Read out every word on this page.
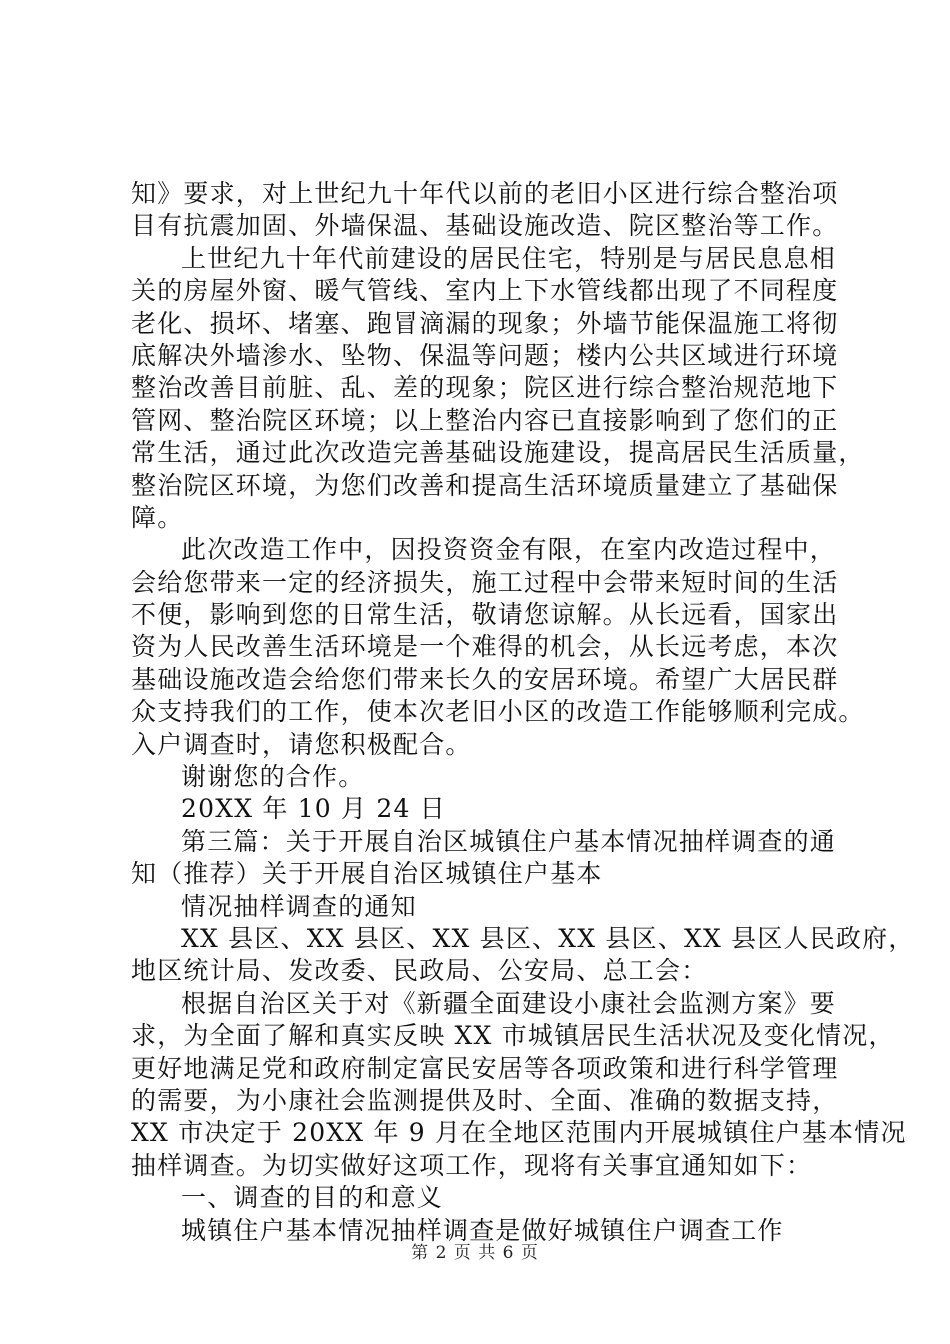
知》要求，对上世纪九十年代以前的老旧小区进行综合整治项
目有抗震加固、外墙保温、基础设施改造、院区整治等工作。
上世纪九十年代前建设的居民住宅，特别是与居民息息相
关的房屋外窗、暖气管线、室内上下水管线都出现了不同程度
老化、损坏、堵塞、跑冒滴漏的现象；外墙节能保温施工将彻
底解决外墙渗水、坠物、保温等问题；楼内公共区域进行环境
整治改善目前脏、乱、差的现象；院区进行综合整治规范地下
管网、整治院区环境；以上整治内容已直接影响到了您们的正
常生活，通过此次改造完善基础设施建设，提高居民生活质量，
整治院区环境，为您们改善和提高生活环境质量建立了基础保
障。
此次改造工作中，因投资资金有限，在室内改造过程中，
会给您带来一定的经济损失，施工过程中会带来短时间的生活
不便，影响到您的日常生活，敬请您谅解。从长远看，国家出
资为人民改善生活环境是一个难得的机会，从长远考虑，本次
基础设施改造会给您们带来长久的安居环境。希望广大居民群
众支持我们的工作，使本次老旧小区的改造工作能够顺利完成。
入户调查时，请您积极配合。
谢谢您的合作。
20XX 年 10 月 24 日
第三篇：关于开展自治区城镇住户基本情况抽样调查的通
知（推荐）关于开展自治区城镇住户基本
情况抽样调查的通知
XX 县区、XX 县区、XX 县区、XX 县区、XX 县区人民政府，
地区统计局、发改委、民政局、公安局、总工会：
根据自治区关于对《新疆全面建设小康社会监测方案》要
求，为全面了解和真实反映 XX 市城镇居民生活状况及变化情况，
更好地满足党和政府制定富民安居等各项政策和进行科学管理
的需要，为小康社会监测提供及时、全面、准确的数据支持，
XX 市决定于 20XX 年 9 月在全地区范围内开展城镇住户基本情况
抽样调查。为切实做好这项工作，现将有关事宜通知如下：
一、调查的目的和意义
城镇住户基本情况抽样调查是做好城镇住户调查工作
第 2 页 共 6 页
